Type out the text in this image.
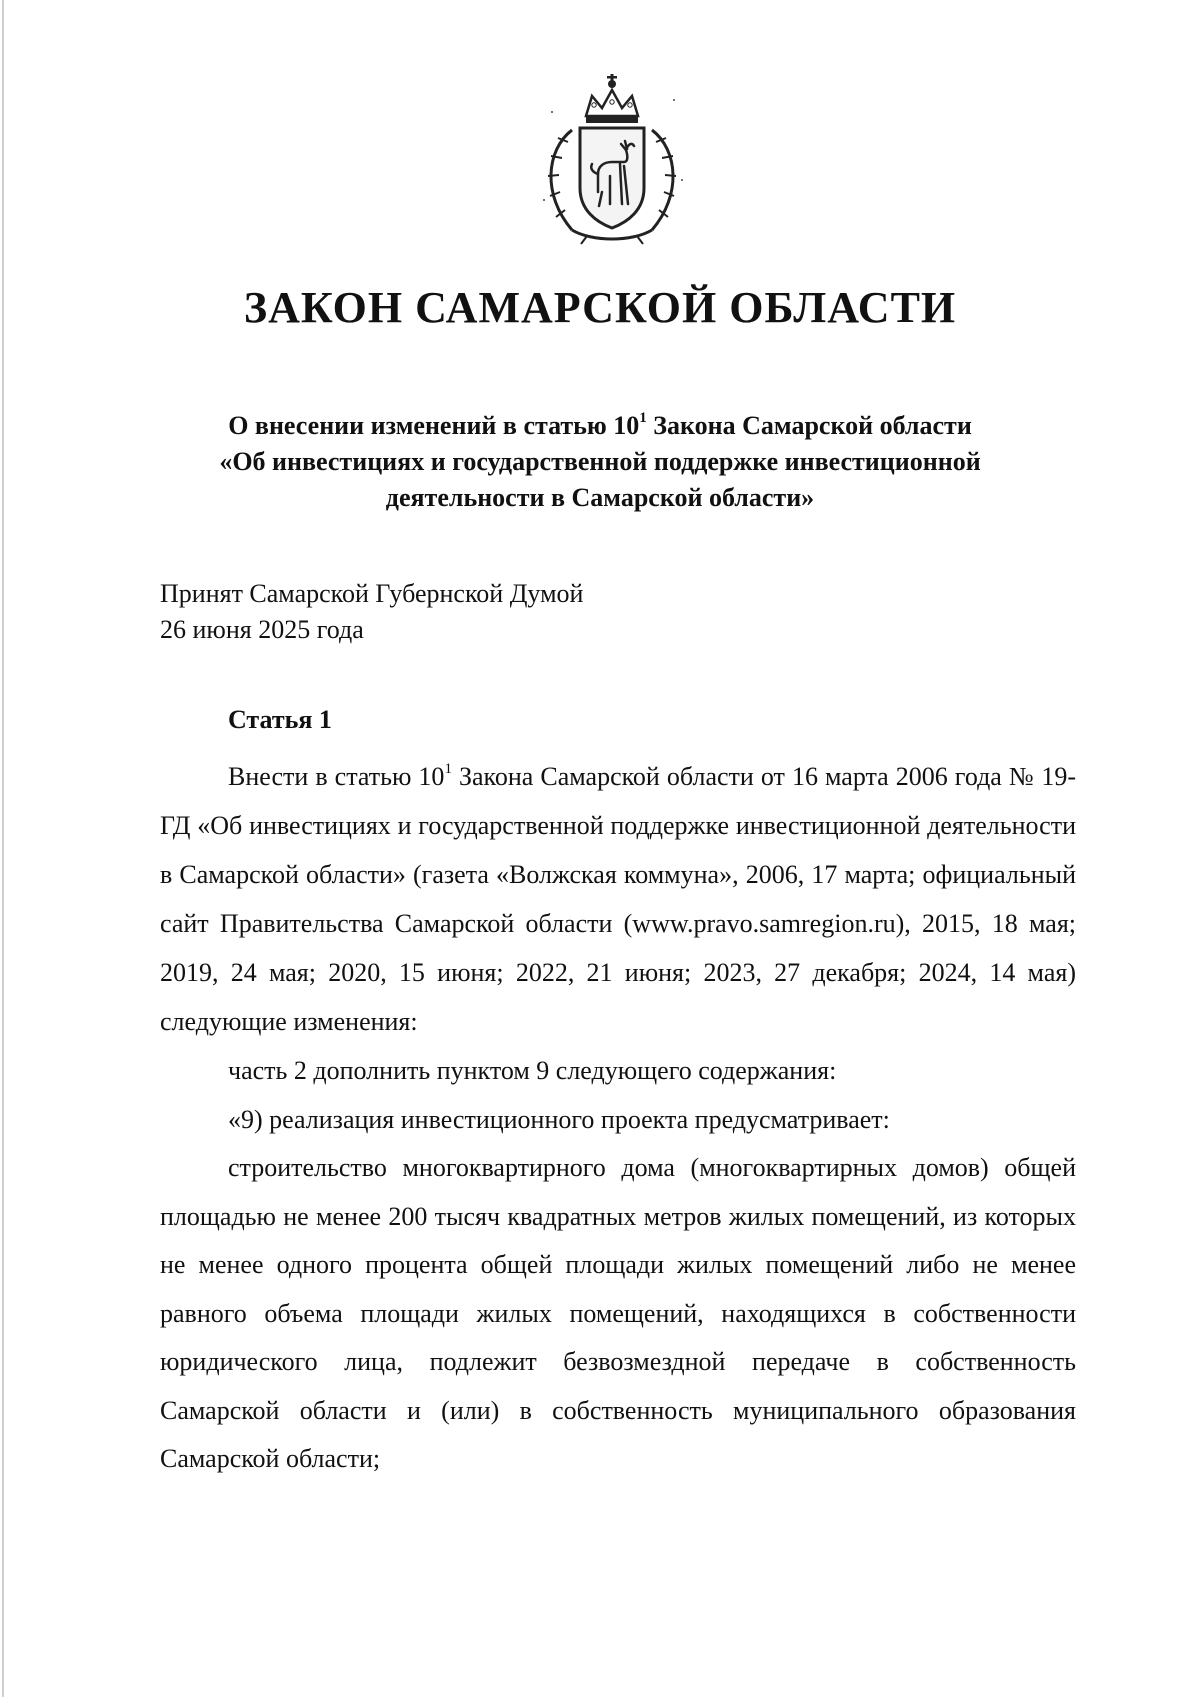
ЗАКОН САМАРСКОЙ ОБЛАСТИ
О внесении изменений в статью $10^1$ Закона Самарской области
«Об инвестициях и государственной поддержке инвестиционной
деятельности в Самарской области»
Принят Самарской Губернской Думой
26 июня 2025 года
Статья 1

Внести в статью $10^1$ Закона Самарской области от 16 марта 2006 года № 19-ГД «Об инвестициях и государственной поддержке инвестиционной деятельности в Самарской области» (газета «Волжская коммуна», 2006, 17 марта; официальный сайт Правительства Самарской области (www.pravo.samregion.ru), 2015, 18 мая; 2019, 24 мая; 2020, 15 июня; 2022, 21 июня; 2023, 27 декабря; 2024, 14 мая) следующие изменения:

часть 2 дополнить пунктом 9 следующего содержания:

«9) реализация инвестиционного проекта предусматривает:

строительство многоквартирного дома (многоквартирных домов) общей площадью не менее 200 тысяч квадратных метров жилых помещений, из которых не менее одного процента общей площади жилых помещений либо не менее равного объема площади жилых помещений, находящихся в собственности юридического лица, подлежит безвозмездной передаче в собственность Самарской области и (или) в собственность муниципального образования Самарской области;
